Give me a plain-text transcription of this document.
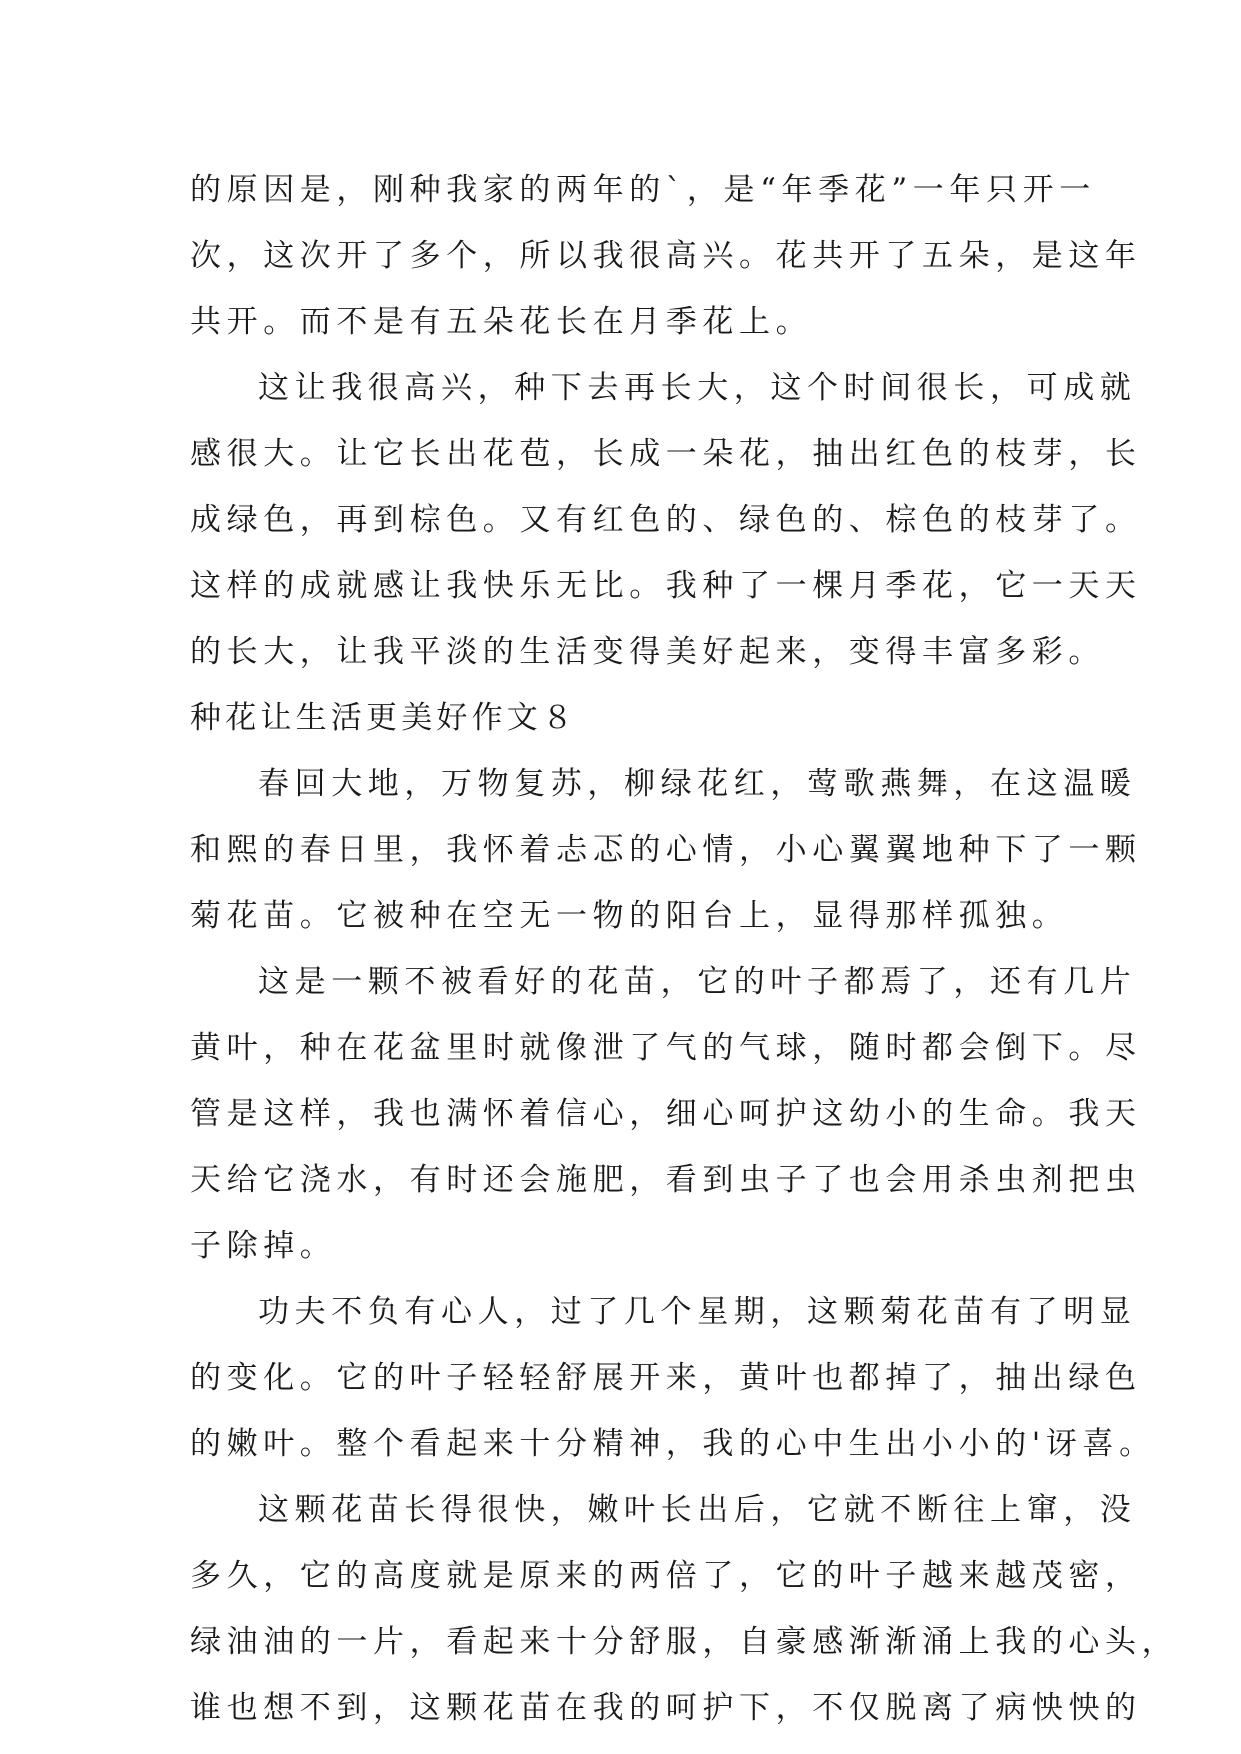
的原因是，刚种我家的两年的`，是“年季花”一年只开一
次，这次开了多个，所以我很高兴。花共开了五朵，是这年
共开。而不是有五朵花长在月季花上。
这让我很高兴，种下去再长大，这个时间很长，可成就
感很大。让它长出花苞，长成一朵花，抽出红色的枝芽，长
成绿色，再到棕色。又有红色的、绿色的、棕色的枝芽了。
这样的成就感让我快乐无比。我种了一棵月季花，它一天天
的长大，让我平淡的生活变得美好起来，变得丰富多彩。
种花让生活更美好作文８
春回大地，万物复苏，柳绿花红，莺歌燕舞，在这温暖
和熙的春日里，我怀着忐忑的心情，小心翼翼地种下了一颗
菊花苗。它被种在空无一物的阳台上，显得那样孤独。
这是一颗不被看好的花苗，它的叶子都焉了，还有几片
黄叶，种在花盆里时就像泄了气的气球，随时都会倒下。尽
管是这样，我也满怀着信心，细心呵护这幼小的生命。我天
天给它浇水，有时还会施肥，看到虫子了也会用杀虫剂把虫
子除掉。
功夫不负有心人，过了几个星期，这颗菊花苗有了明显
的变化。它的叶子轻轻舒展开来，黄叶也都掉了，抽出绿色
的嫩叶。整个看起来十分精神，我的心中生出小小的'讶喜。
这颗花苗长得很快，嫩叶长出后，它就不断往上窜，没
多久，它的高度就是原来的两倍了，它的叶子越来越茂密，
绿油油的一片，看起来十分舒服，自豪感渐渐涌上我的心头，
谁也想不到，这颗花苗在我的呵护下，不仅脱离了病怏怏的
